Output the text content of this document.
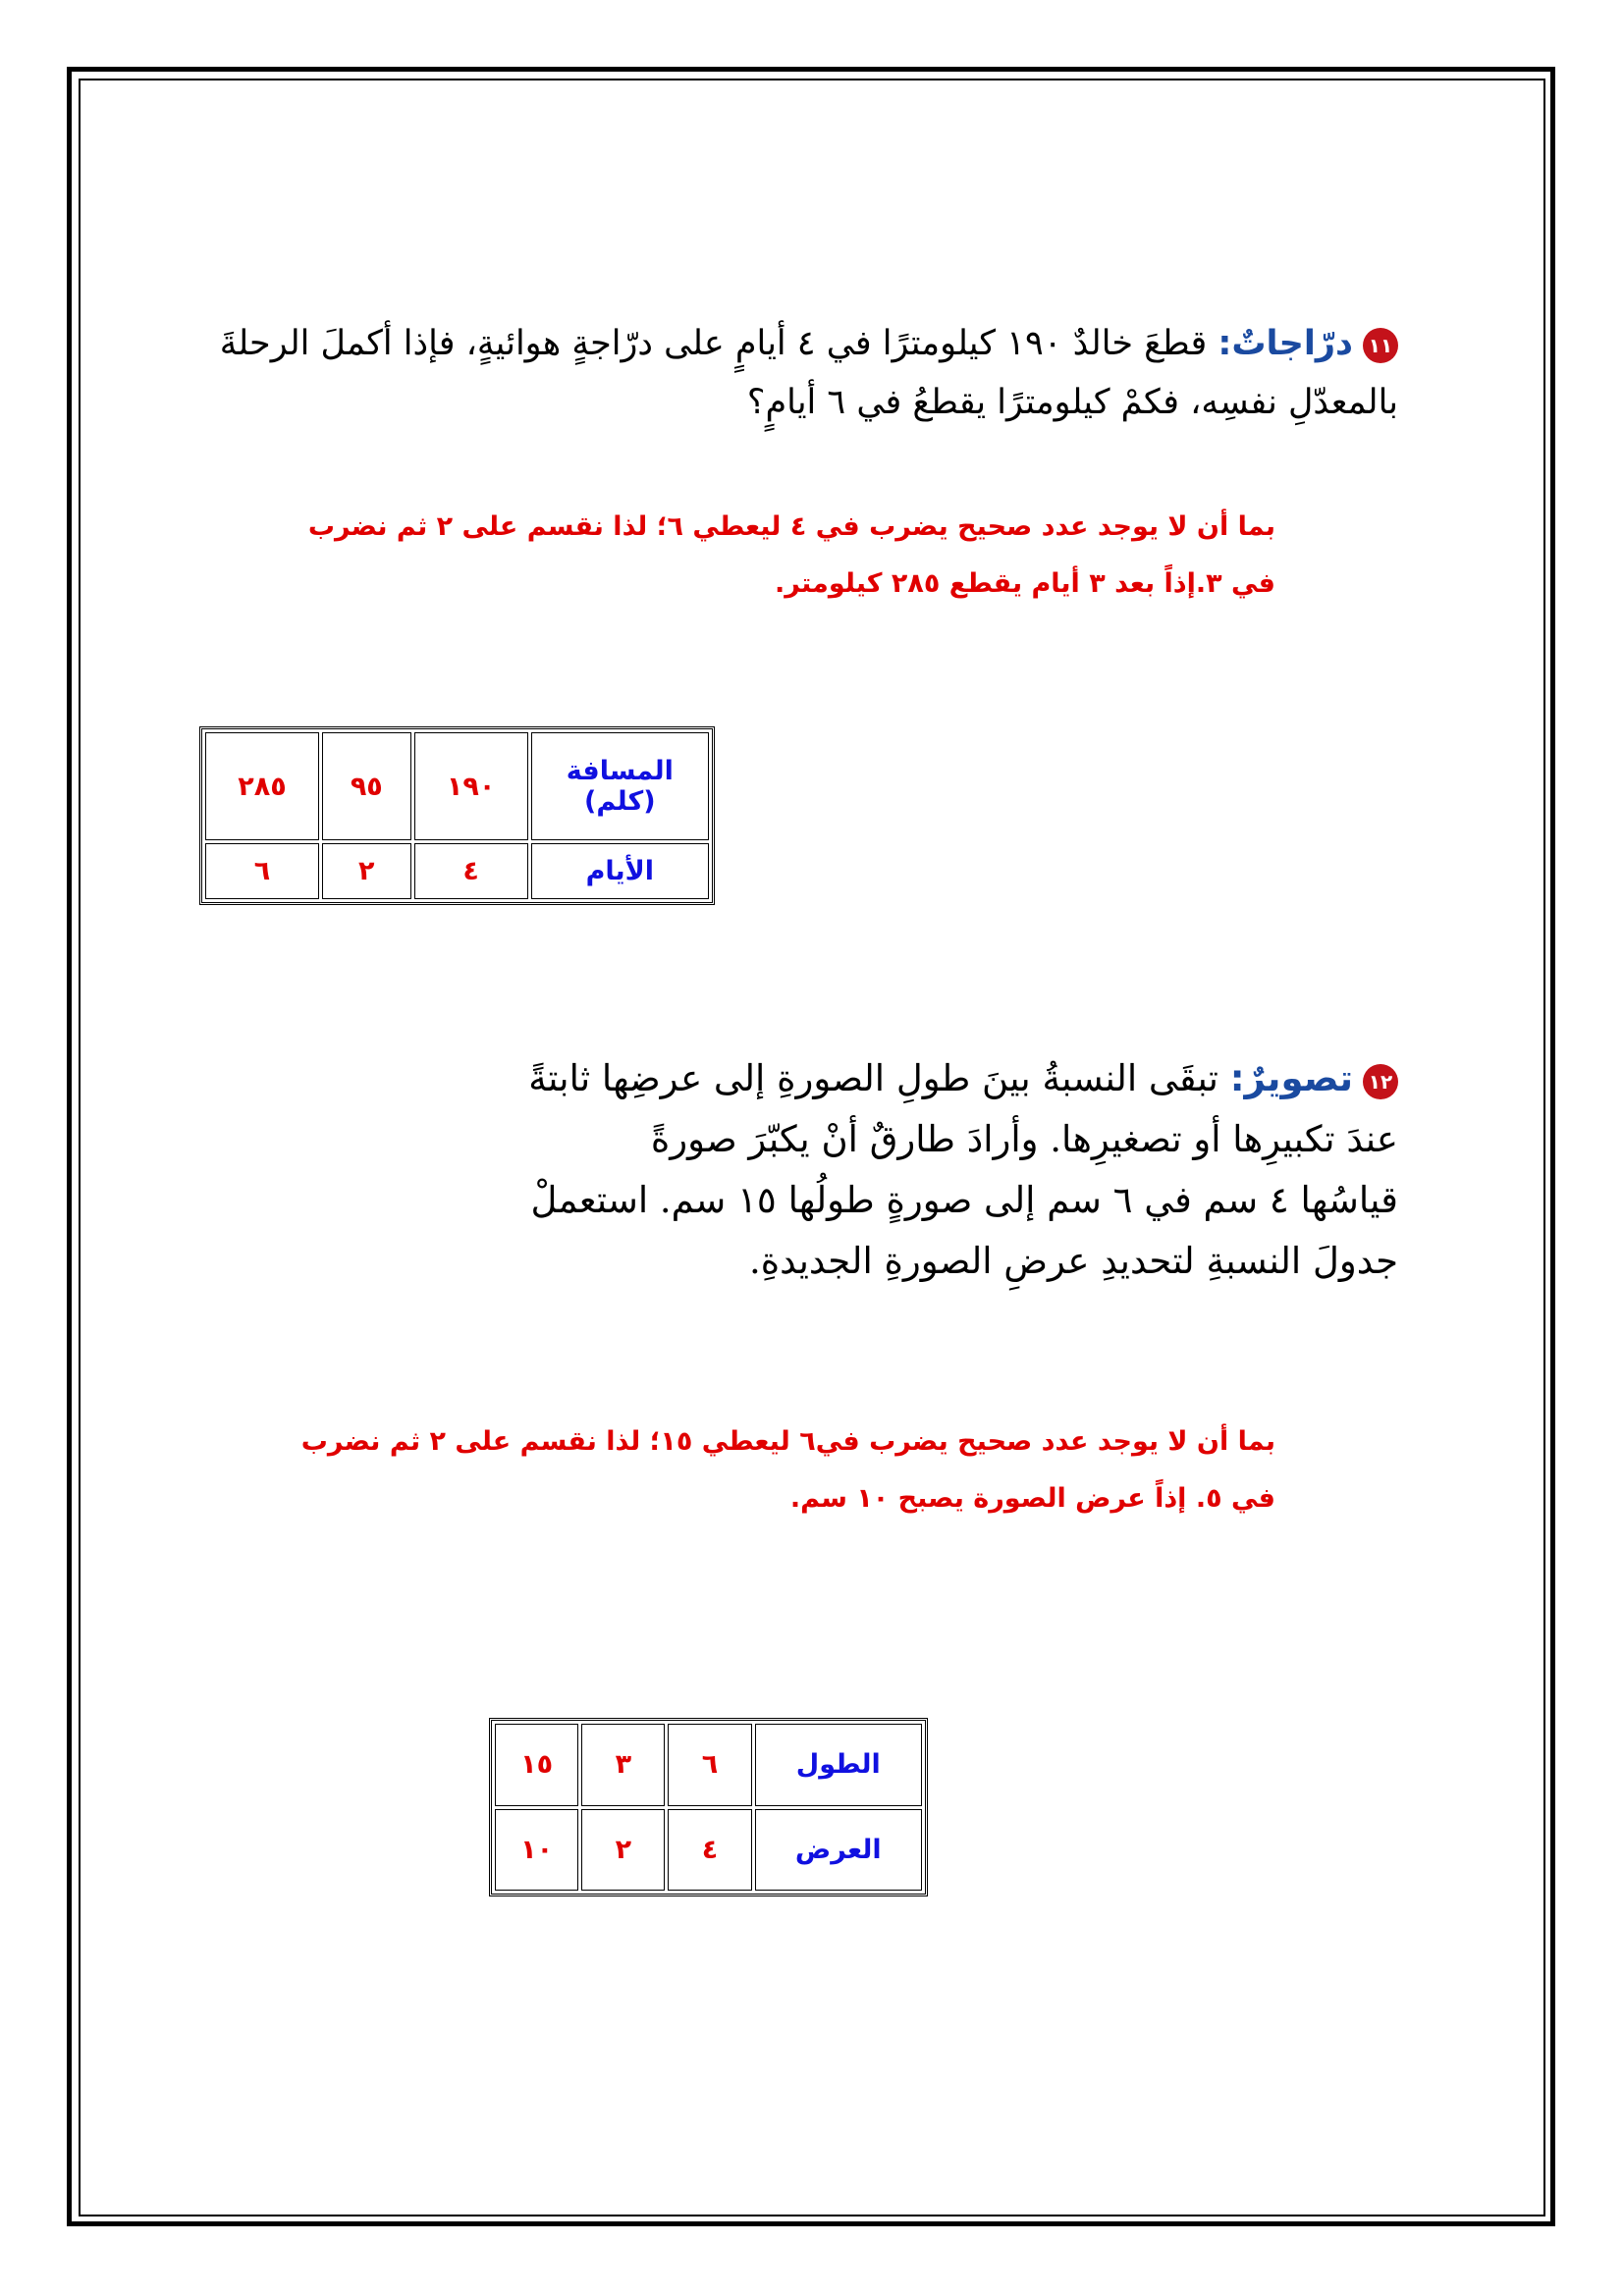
١١درّاجاتٌ: قطعَ خالدٌ ١٩٠ كيلومترًا في ٤ أيامٍ على درّاجةٍ هوائيةٍ، فإذا أكملَ الرحلةَ
بالمعدّلِ نفسِه، فكمْ كيلومترًا يقطعُ في ٦ أيامٍ؟
بما أن لا يوجد عدد صحيح يضرب في ٤ ليعطي ٦؛ لذا نقسم على ٢ ثم نضرب
في ٣.إذاً بعد ٣ أيام يقطع ٢٨٥ كيلومتر.
المسافة (كلم)	١٩٠	٩٥	٢٨٥
الأيام	٤	٢	٦
١٢تصويرٌ: تبقَى النسبةُ بينَ طولِ الصورةِ إلى عرضِها ثابتةً
عندَ تكبيرِها أو تصغيرِها. وأرادَ طارقٌ أنْ يكبّرَ صورةً
قياسُها ٤ سم في ٦ سم إلى صورةٍ طولُها ١٥ سم. استعملْ
جدولَ النسبةِ لتحديدِ عرضِ الصورةِ الجديدةِ.
بما أن لا يوجد عدد صحيح يضرب في٦ ليعطي ١٥؛ لذا نقسم على ٢ ثم نضرب
في ٥. إذاً عرض الصورة يصبح ١٠ سم.
الطول	٦	٣	١٥
العرض	٤	٢	١٠
